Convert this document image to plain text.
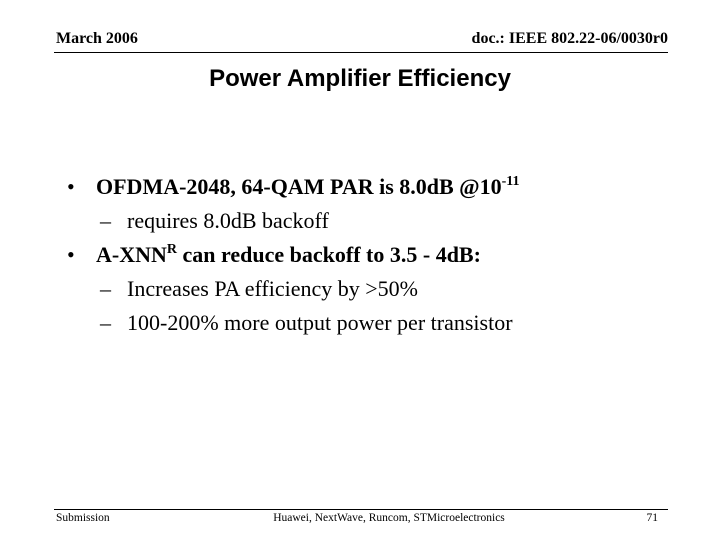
March 2006	doc.: IEEE 802.22-06/0030r0
Power Amplifier Efficiency
• OFDMA-2048, 64-QAM PAR is 8.0dB $@10^{-11}$
– requires 8.0dB backoff
• $A-XNN^R$ can reduce backoff to 3.5 - 4dB:
– Increases PA efficiency by >50%
– 100-200% more output power per transistor
Submission	Huawei, NextWave, Runcom, STMicroelectronics	71
